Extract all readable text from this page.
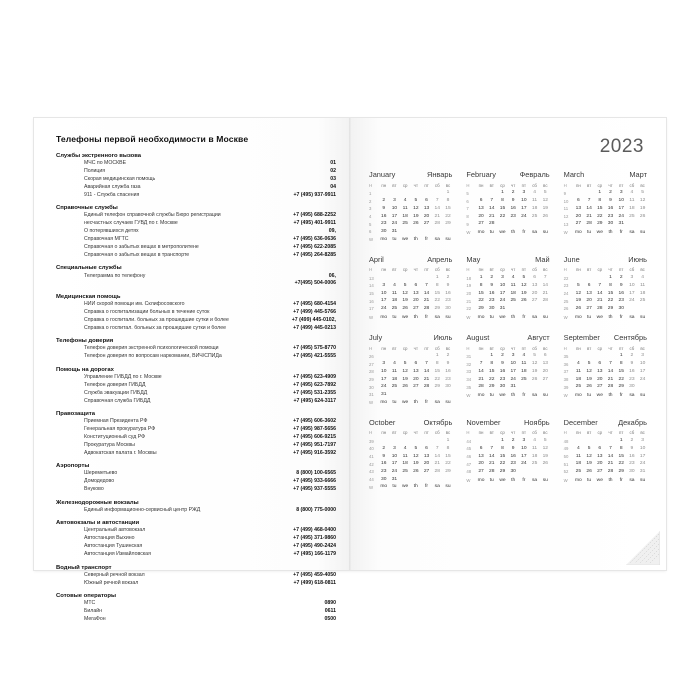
Телефоны первой необходимости в Москве
Службы экстренного вызова
МЧС по МОСКВЕ	01
Полиция	02
Скорая медицинская помощь	03
Аварийная служба газа	04
911 - Служба спасения	+7 (495) 937-9911
Справочные службы
Единый телефон справочной службы Бюро регистрации	+7 (495) 688-2252
несчастных случаев ГУВД по г. Москве	+7 (495) 401-9911
О потерявшихся детях	09,
Справочная МГТС	+7 (495) 636-0636
Справочная о забытых вещах в метрополитене	+7 (495) 622-2085
Справочная о забытых вещах в транспорте	+7 (495) 264-8285
Специальные службы
Телеграмма по телефону	06,
+7(495) 504-0006
Медицинская помощь
НИИ скорой помощи им. Склифосовского	+7 (495) 680-4154
Справка о госпитализации больных в течение суток	+7 (499) 445-5766
Справка о госпитали. больных за прошедшие сутки и более	+7 (499) 445-0102,
Справка о госпитал. больных за прошедшие сутки и более	+7 (499) 445-0213
Телефоны доверия
Телефон доверия экстренной психологической помощи	+7 (495) 575-8770
Телефон доверия по вопросам наркомании, ВИЧ/СПИДа	+7 (495) 421-5555
Помощь на дорогах
Управление ГИБДД по г. Москве	+7 (495) 623-4909
Телефон доверия ГИБДД	+7 (495) 623-7892
Служба эвакуации ГИБДД	+7 (495) 531-2355
Справочная служба ГИБДД	+7 (495) 624-3117
Правозащита
Приемная Президента РФ	+7 (495) 606-3602
Генеральная прокуратура РФ	+7 (495) 987-5656
Конституционный суд РФ	+7 (495) 606-9215
Прокуратура Москвы	+7 (495) 951-7197
Адвокатская палата г. Москвы	+7 (495) 916-3592
Аэропорты
Шереметьево	8 (800) 100-6565
Домодедово	+7 (495) 933-6666
Внуково	+7 (495) 937-5555
Железнодорожные вокзалы
Единый информационно-сервисный центр РЖД	8 (800) 775-0000
Автовокзалы и автостанции
Центральный автовокзал	+7 (499) 468-0400
Автостанция Выхино	+7 (495) 371-9860
Автостанция Тушинская	+7 (495) 490-2424
Автостанция Измайловская	+7 (495) 166-1179
Водный транспорт
Северный речной вокзал	+7 (495) 459-4050
Южный речной вокзал	+7 (499) 618-0811
Сотовые операторы
МТС	0890
Билайн	0611
МегаФон	0500
2023
January	Январь
Н	пн	вт	ср	чт	пт	сб	вс
1							1
2	2	3	4	5	6	7	8
3	9	10	11	12	13	14	15
4	16	17	18	19	20	21	22
5	23	24	25	26	27	28	29
6	30	31					
W	mo	tu	we	th	fr	sa	su
February	Февраль
Н	пн	вт	ср	чт	пт	сб	вс
5			1	2	3	4	5
6	6	7	8	9	10	11	12
7	13	14	15	16	17	18	19
8	20	21	22	23	24	25	26
9	27	28					

W	mo	tu	we	th	fr	sa	su
March	Март
Н	пн	вт	ср	чт	пт	сб	вс
9			1	2	3	4	5
10	6	7	8	9	10	11	12
11	13	14	15	16	17	18	19
12	20	21	22	23	24	25	26
13	27	28	29	30	31		

W	mo	tu	we	th	fr	sa	su
April	Апрель
Н	пн	вт	ср	чт	пт	сб	вс
13						1	2
14	3	4	5	6	7	8	9
15	10	11	12	13	14	15	16
16	17	18	19	20	21	22	23
17	24	25	26	27	28	29	30

W	mo	tu	we	th	fr	sa	su
May	Май
Н	пн	вт	ср	чт	пт	сб	вс
18	1	2	3	4	5	6	7
19	8	9	10	11	12	13	14
20	15	16	17	18	19	20	21
21	22	23	24	25	26	27	28
22	29	30	31				

W	mo	tu	we	th	fr	sa	su
June	Июнь
Н	пн	вт	ср	чт	пт	сб	вс
22				1	2	3	4
23	5	6	7	8	9	10	11
24	12	13	14	15	16	17	18
25	19	20	21	22	23	24	25
26	26	27	28	29	30		

W	mo	tu	we	th	fr	sa	su
July	Июль
Н	пн	вт	ср	чт	пт	сб	вс
26						1	2
27	3	4	5	6	7	8	9
28	10	11	12	13	14	15	16
29	17	18	19	20	21	22	23
30	24	25	26	27	28	29	30
31	31						
W	mo	tu	we	th	fr	sa	su
August	Август
Н	пн	вт	ср	чт	пт	сб	вс
31		1	2	3	4	5	6
32	7	8	9	10	11	12	13
33	14	15	16	17	18	19	20
34	21	22	23	24	25	26	27
35	28	29	30	31			

W	mo	tu	we	th	fr	sa	su
September Сентябрь
Н	пн	вт	ср	чт	пт	сб	вс
35					1	2	3
36	4	5	6	7	8	9	10
37	11	12	13	14	15	16	17
38	18	19	20	21	22	23	24
39	25	26	27	28	29	30	

W	mo	tu	we	th	fr	sa	su
October	Октябрь
Н	пн	вт	ср	чт	пт	сб	вс
39							1
40	2	3	4	5	6	7	8
41	9	10	11	12	13	14	15
42	16	17	18	19	20	21	22
43	23	24	25	26	27	28	29
44	30	31					
W	mo	tu	we	th	fr	sa	su
November	Ноябрь
Н	пн	вт	ср	чт	пт	сб	вс
44			1	2	3	4	5
45	6	7	8	9	10	11	12
46	13	14	15	16	17	18	19
47	20	21	22	23	24	25	26
48	27	28	29	30			

W	mo	tu	we	th	fr	sa	su
December	Декабрь
Н	пн	вт	ср	чт	пт	сб	вс
48					1	2	3
49	4	5	6	7	8	9	10
50	11	12	13	14	15	16	17
51	18	19	20	21	22	23	24
52	25	26	27	28	29	30	31

W	mo	tu	we	th	fr	sa	su
